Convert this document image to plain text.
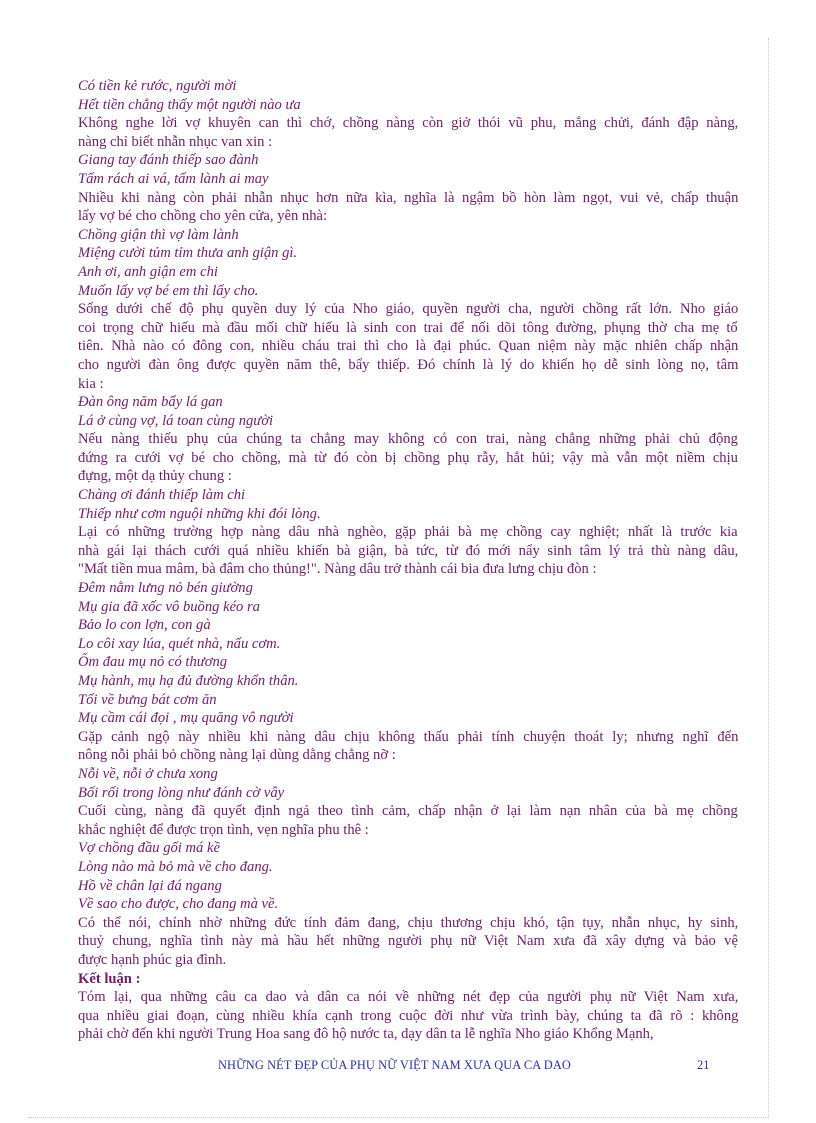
Có tiền kẻ rước, người mời
Hết tiền chẳng thấy một người nào ưa
Không nghe lời vợ khuyên can thì chớ, chồng nàng còn giở thói vũ phu, mắng chửi, đánh đập nàng,
nàng chỉ biết nhẫn nhục van xin :
Giang tay đánh thiếp sao đành
Tấm rách ai vá, tấm lành ai may
Nhiều khi nàng còn phải nhẫn nhục hơn nữa kìa, nghĩa là ngậm bồ hòn làm ngọt, vui vẻ, chấp thuận
lấy vợ bé cho chồng cho yên cửa, yên nhà:
Chồng giận thì vợ làm lành
Miệng cười tủm tỉm thưa anh giận gì.
Anh ơi, anh giận em chi
Muốn lấy vợ bé em thì lấy cho.
Sống dưới chế độ phụ quyền duy lý của Nho giáo, quyền người cha, người chồng rất lớn. Nho giáo
coi trọng chữ hiếu mà đầu mối chữ hiếu là sinh con trai để nối dõi tông đường, phụng thờ cha mẹ tổ
tiên. Nhà nào có đông con, nhiều cháu trai thì cho là đại phúc. Quan niệm này mặc nhiên chấp nhận
cho người đàn ông được quyền năm thê, bẩy thiếp. Đó chính là lý do khiến họ dễ sinh lòng nọ, tâm
kia :
Đàn ông năm bẩy lá gan
Lá ở cùng vợ, lá toan cùng người
Nếu nàng thiếu phụ của chúng ta chẳng may không có con trai, nàng chẳng những phải chủ động
đứng ra cưới vợ bé cho chồng, mà từ đó còn bị chồng phụ rẫy, hắt hủi; vậy mà vẫn một niềm chịu
đựng, một dạ thủy chung :
Chàng ơi đánh thiếp làm chi
Thiếp như cơm nguội những khi đói lòng.
Lại có những trường hợp nàng dâu nhà nghèo, gặp phải bà mẹ chồng cay nghiệt; nhất là trước kia
nhà gái lại thách cưới quá nhiều khiến bà giận, bà tức, từ đó mới nẩy sinh tâm lý trả thù nàng dâu,
"Mất tiền mua mâm, bà đâm cho thủng!". Nàng dâu trở thành cái bia đưa lưng chịu đòn :
Đêm nằm lưng nỏ bén giường
Mụ gia đã xốc vô buồng kéo ra
Bảo lo con lợn, con gà
Lo côi xay lúa, quét nhà, nấu cơm.
Ốm đau mụ nỏ có thương
Mụ hành, mụ hạ đủ đường khổn thân.
Tối về bưng bát cơm ăn
Mụ cầm cái đọi , mụ quăng vô người
Gặp cảnh ngộ này nhiều khi nàng dâu chịu không thấu phải tính chuyện thoát ly; nhưng nghĩ đến
nông nỗi phải bỏ chồng nàng lại dùng dằng chẳng nỡ :
Nỗi về, nỗi ở chưa xong
Bối rối trong lòng như đánh cờ vây
Cuối cùng, nàng đã quyết định ngả theo tình cảm, chấp nhận ở lại làm nạn nhân của bà mẹ chồng
khắc nghiệt để được trọn tình, vẹn nghĩa phu thê :
Vợ chồng đầu gối má kề
Lòng nào mà bỏ mà về cho đang.
Hồ về chân lại đá ngang
Về sao cho được, cho đang mà về.
Có thể nói, chính nhờ những đức tính đảm đang, chịu thương chịu khó, tận tụy, nhẫn nhục, hy sinh,
thuỷ chung, nghĩa tình này mà hầu hết những người phụ nữ Việt Nam xưa đã xây dựng và bảo vệ
được hạnh phúc gia đình.
Kết luận :
Tóm lại, qua những câu ca dao và dân ca nói về những nét đẹp của người phụ nữ Việt Nam xưa,
qua nhiều giai đoạn, cùng nhiều khía cạnh trong cuộc đời như vừa trình bày, chúng ta đã rõ : không
phải chờ đến khi người Trung Hoa sang đô hộ nước ta, dạy dân ta lễ nghĩa Nho giáo Khổng Mạnh,
NHỮNG NÉT ĐẸP CỦA PHỤ NỮ VIỆT NAM XƯA QUA CA DAO	21
